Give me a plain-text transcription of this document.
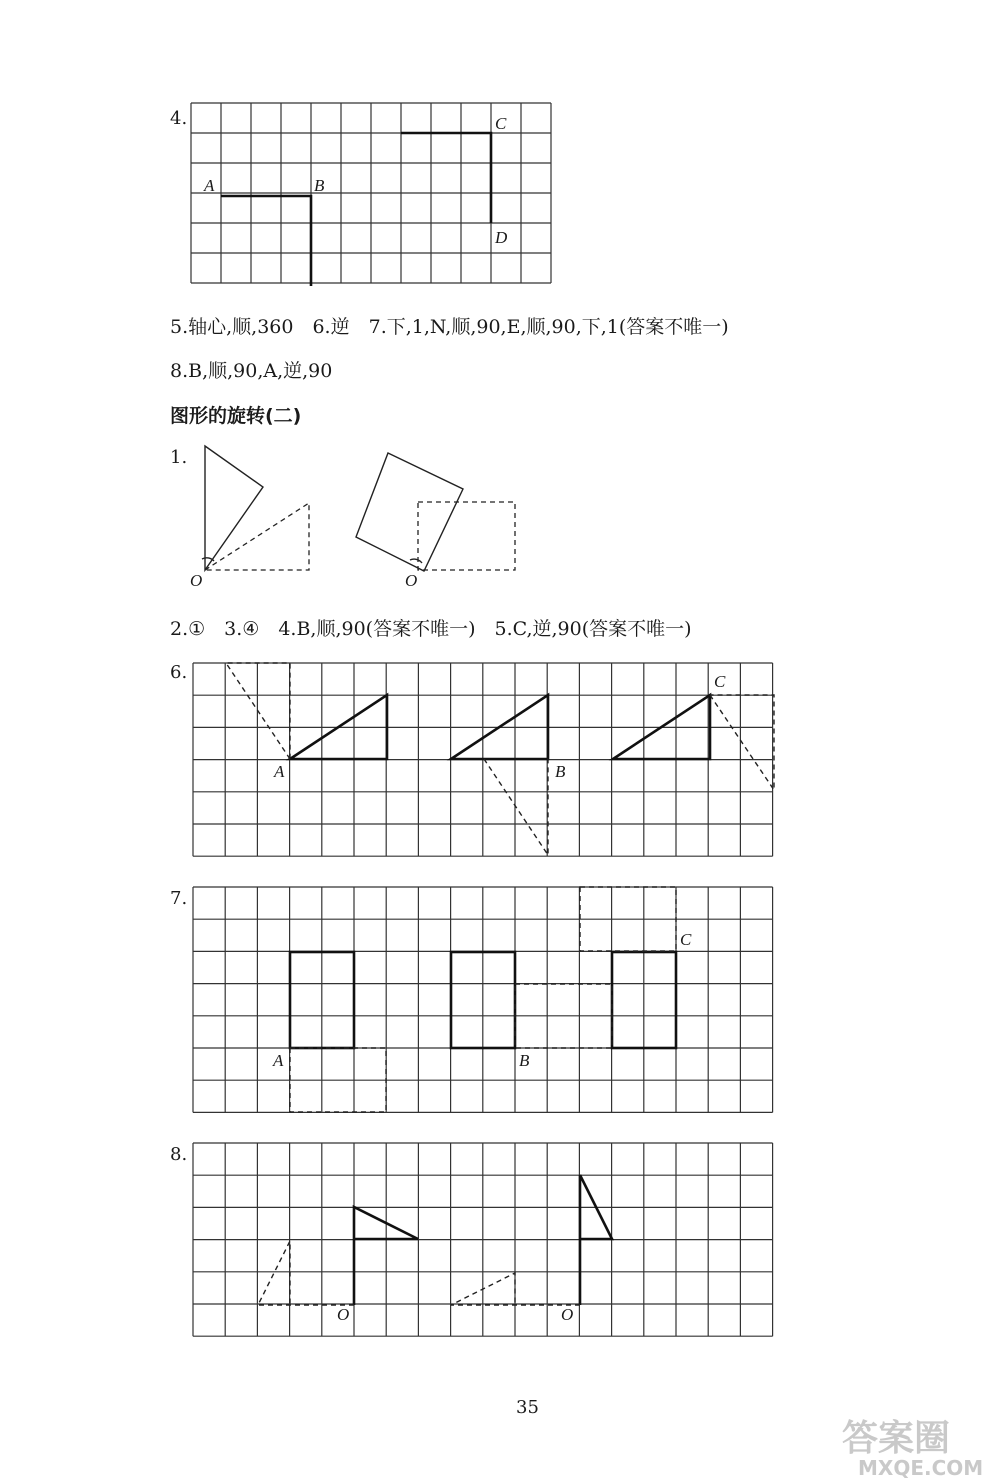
4.
A	B
C
D
5.轴心,顺,360　6.逆　7.下,1,N,顺,90,E,顺,90,下,1(答案不唯一)
8.B,顺,90,A,逆,90
图形的旋转(二)
1.
O	O
2.①　3.④　4.B,顺,90(答案不唯一)　5.C,逆,90(答案不唯一)
6.
A	B
C
7.
A	B
C
8.
O	O
35
答案圈
MXQE.COM
